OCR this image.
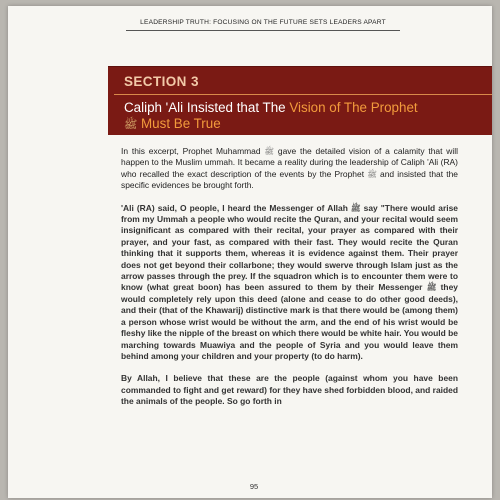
LEADERSHIP TRUTH: FOCUSING ON THE FUTURE SETS LEADERS APART
SECTION 3
Caliph 'Ali Insisted that The Vision of The Prophet
ﷺ Must Be True

In this excerpt, Prophet Muhammad ﷺ gave the detailed vision of a calamity that will happen to the Muslim ummah. It became a reality during the leadership of Caliph 'Ali (RA) who recalled the exact description of the events by the Prophet ﷺ and insisted that the specific evidences be brought forth.

'Ali (RA) said, O people, I heard the Messenger of Allah ﷺ say "There would arise from my Ummah a people who would recite the Quran, and your recital would seem insignificant as compared with their recital, your prayer as compared with their prayer, and your fast, as compared with their fast. They would recite the Quran thinking that it supports them, whereas it is evidence against them. Their prayer does not get beyond their collarbone; they would swerve through Islam just as the arrow passes through the prey. If the squadron which is to encounter them were to know (what great boon) has been assured to them by their Messenger ﷺ they would completely rely upon this deed (alone and cease to do other good deeds), and their (that of the Khawarij) distinctive mark is that there would be (among them) a person whose wrist would be without the arm, and the end of his wrist would be fleshy like the nipple of the breast on which there would be white hair. You would be marching towards Muawiya and the people of Syria and you would leave them behind among your children and your property (to do harm).

By Allah, I believe that these are the people (against whom you have been commanded to fight and get reward) for they have shed forbidden blood, and raided the animals of the people. So go forth in

95
